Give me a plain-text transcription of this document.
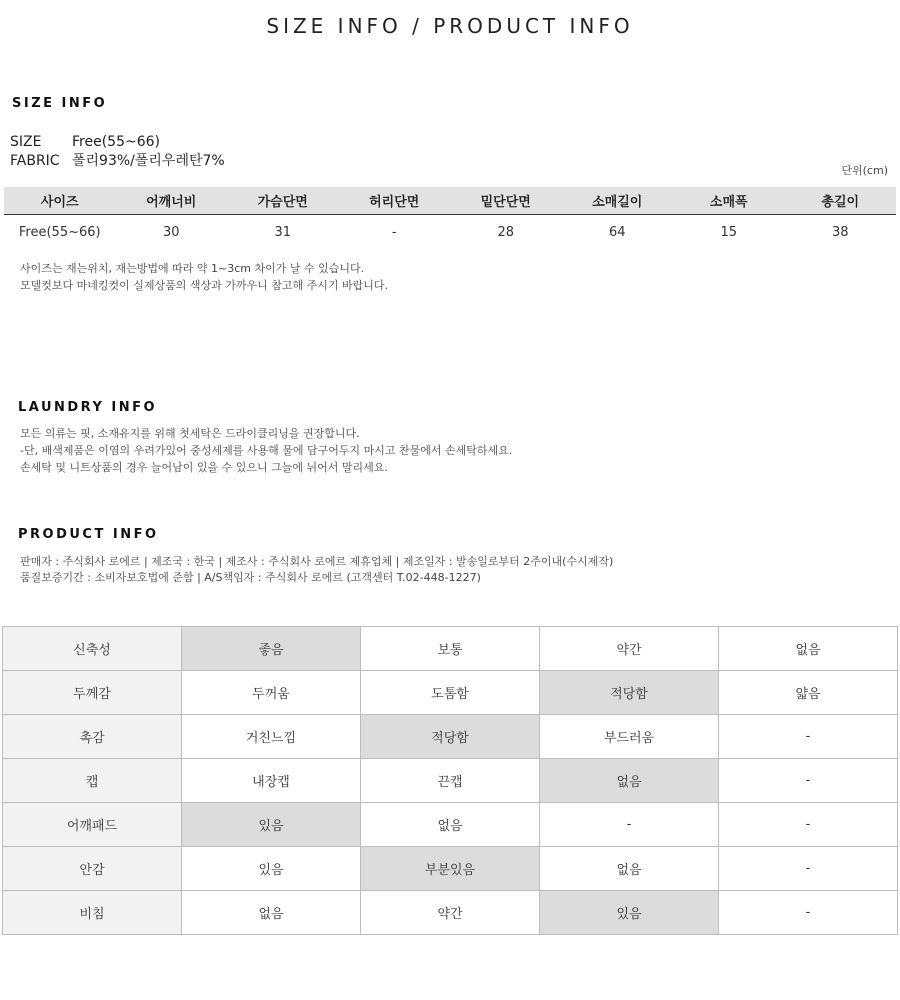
SIZE INFO / PRODUCT INFO
SIZE INFO
SIZE Free(55~66)
FABRIC 폴리93%/폴리우레탄7%
단위(cm)
사이즈	어깨너비	가슴단면	허리단면	밑단단면	소매길이	소매폭	총길이
Free(55~66)	30	31	-	28	64	15	38

사이즈는 재는위치, 재는방법에 따라 약 1~3cm 차이가 날 수 있습니다.

모델컷보다 마네킹컷이 실제상품의 색상과 가까우니 참고해 주시기 바랍니다.

LAUNDRY INFO

모든 의류는 핏, 소재유지를 위해 첫세탁은 드라이클리닝을 권장합니다.

-단, 배색제품은 이염의 우려가있어 중성세제를 사용해 물에 담구어두지 마시고 찬물에서 손세탁하세요.

손세탁 및 니트상품의 경우 늘어남이 있을 수 있으니 그늘에 뉘어서 말리세요.

PRODUCT INFO

판매자 : 주식회사 로에르 | 제조국 : 한국 | 제조사 : 주식회사 로에르 제휴업체 | 제조일자 : 발송일로부터 2주이내(수시제작)

품질보증기간 : 소비자보호법에 준함 | A/S책임자 : 주식회사 로에르 (고객센터 T.02-448-1227)

신축성	좋음	보통	약간	없음
두께감	두꺼움	도톰함	적당함	얇음
촉감	거친느낌	적당함	부드러움	-
캡	내장캡	끈캡	없음	-
어깨패드	있음	없음	-	-
안감	있음	부분있음	없음	-
비침	없음	약간	있음	-
